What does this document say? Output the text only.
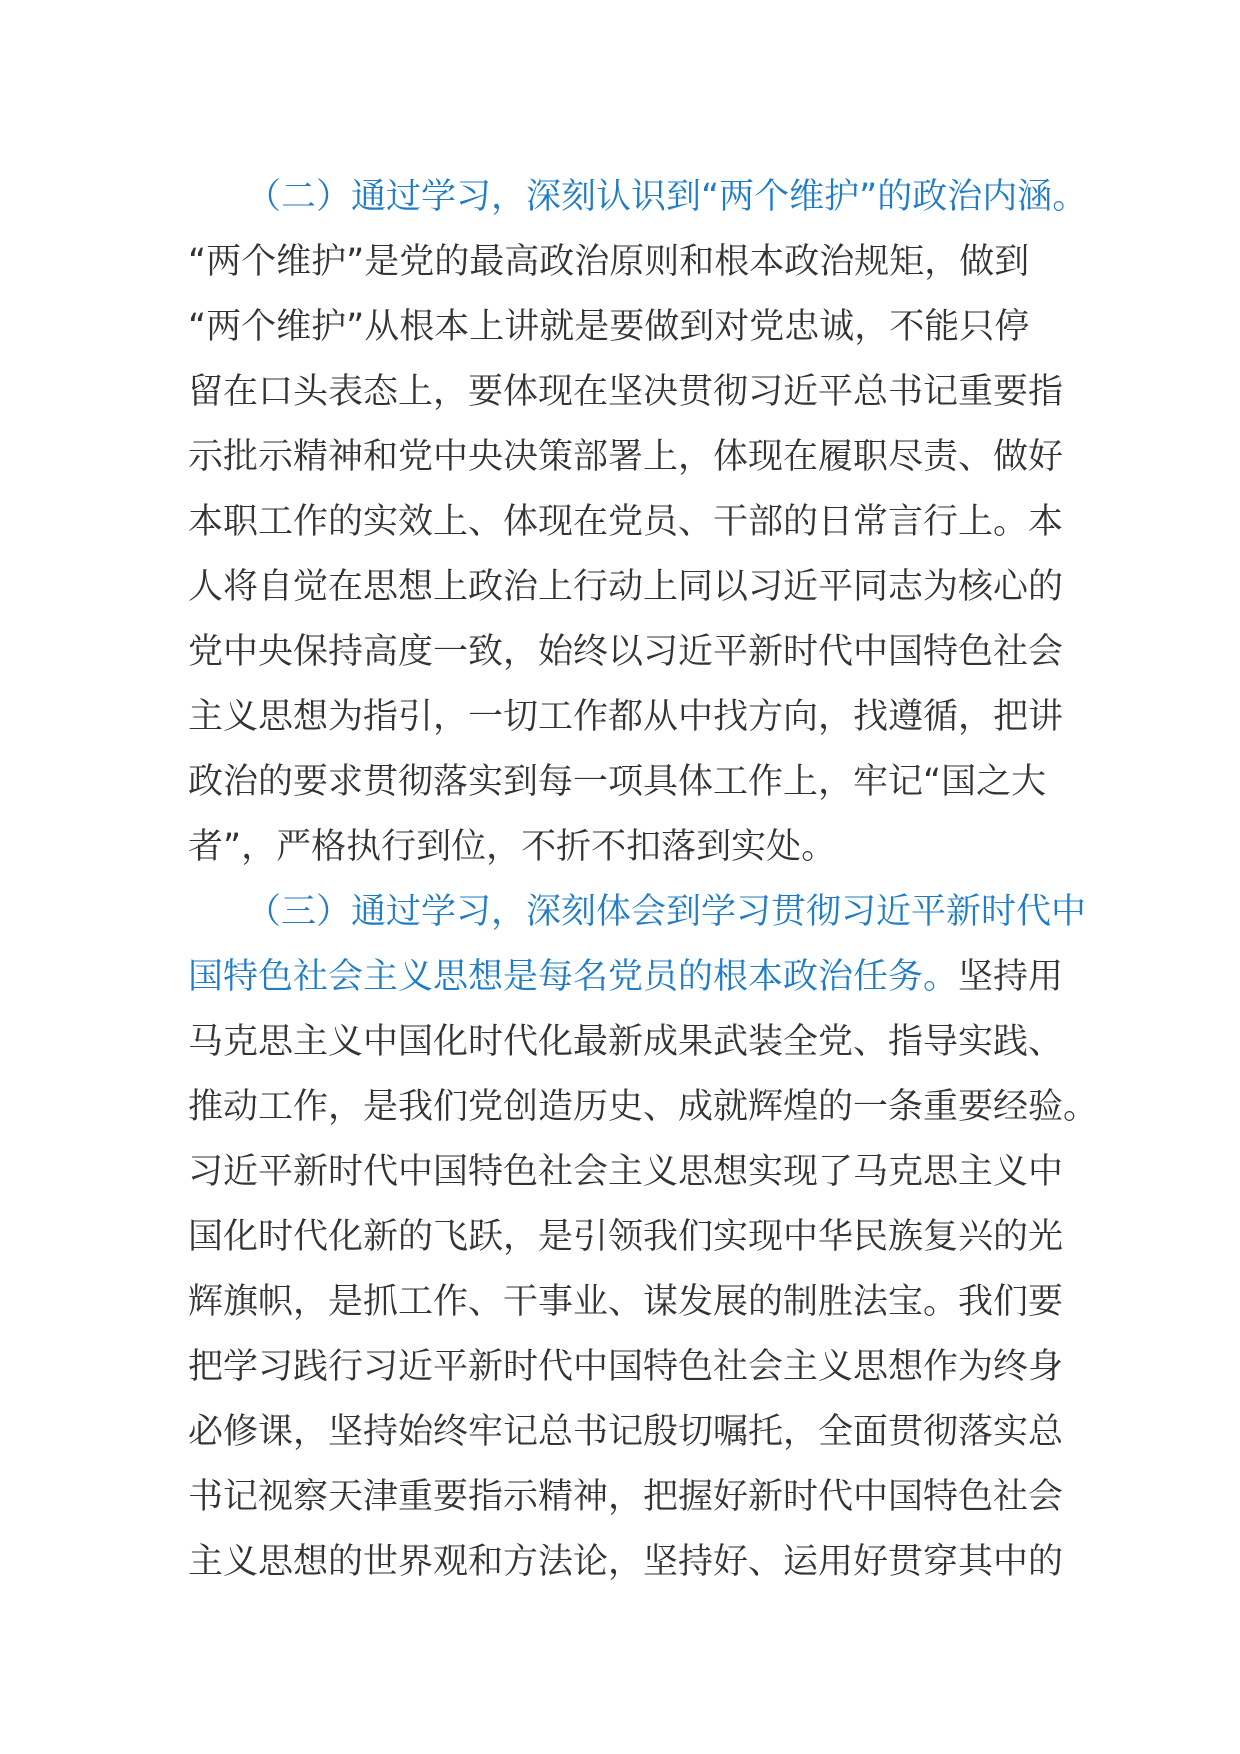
（二）通过学习，深刻认识到“两个维护”的政治内涵。
“两个维护”是党的最高政治原则和根本政治规矩，做到
“两个维护”从根本上讲就是要做到对党忠诚，不能只停
留在口头表态上，要体现在坚决贯彻习近平总书记重要指
示批示精神和党中央决策部署上，体现在履职尽责、做好
本职工作的实效上、体现在党员、干部的日常言行上。本
人将自觉在思想上政治上行动上同以习近平同志为核心的
党中央保持高度一致，始终以习近平新时代中国特色社会
主义思想为指引，一切工作都从中找方向，找遵循，把讲
政治的要求贯彻落实到每一项具体工作上，牢记“国之大
者”，严格执行到位，不折不扣落到实处。
（三）通过学习，深刻体会到学习贯彻习近平新时代中
国特色社会主义思想是每名党员的根本政治任务。坚持用
马克思主义中国化时代化最新成果武装全党、指导实践、
推动工作，是我们党创造历史、成就辉煌的一条重要经验。
习近平新时代中国特色社会主义思想实现了马克思主义中
国化时代化新的飞跃，是引领我们实现中华民族复兴的光
辉旗帜，是抓工作、干事业、谋发展的制胜法宝。我们要
把学习践行习近平新时代中国特色社会主义思想作为终身
必修课，坚持始终牢记总书记殷切嘱托，全面贯彻落实总
书记视察天津重要指示精神，把握好新时代中国特色社会
主义思想的世界观和方法论，坚持好、运用好贯穿其中的
